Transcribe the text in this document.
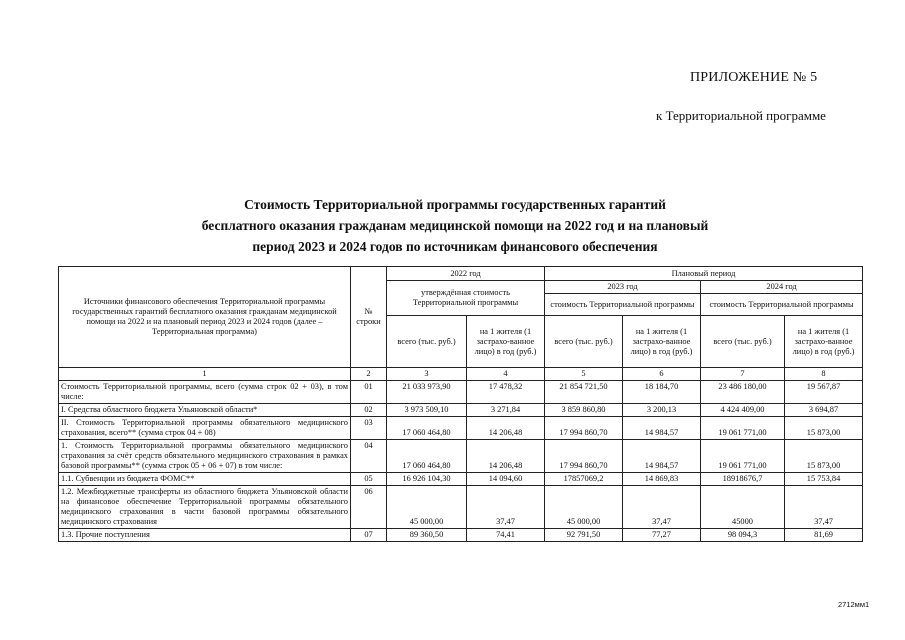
ПРИЛОЖЕНИЕ № 5
к Территориальной программе
Стоимость Территориальной программы государственных гарантий
бесплатного оказания гражданам медицинской помощи на 2022 год и на плановый
период 2023 и 2024 годов по источникам финансового обеспечения
Источники финансового обеспечения Территориальной программы государственных гарантий бесплатного оказания гражданам медицинской помощи на 2022 и на плановый период 2023 и 2024 годов (далее – Территориальная программа)	№ строки	2022 год		Плановый период			
		утверждённая стоимость Территориальной программы		2023 год		2024 год	
				стоимость Территориальной программы		стоимость Территориальной программы	
		всего (тыс. руб.)	на 1 жителя (1 застрахо-ванное лицо) в год (руб.)	всего (тыс. руб.)	на 1 жителя (1 застрахо-ванное лицо) в год (руб.)	всего (тыс. руб.)	на 1 жителя (1 застрахо-ванное лицо) в год (руб.)
1	2	3	4	5	6	7	8
Стоимость Территориальной программы, всего (сумма строк 02 + 03), в том числе:	01	21 033 973,90	17 478,32	21 854 721,50	18 184,70	23 486 180,00	19 567,87
I. Средства областного бюджета Ульяновской области*	02	3 973 509,10	3 271,84	3 859 860,80	3 200,13	4 424 409,00	3 694,87
II. Стоимость Территориальной программы обязательного медицинского страхования, всего** (сумма строк 04 + 08)	03	17 060 464,80	14 206,48	17 994 860,70	14 984,57	19 061 771,00	15 873,00
1. Стоимость Территориальной программы обязательного медицинского страхования за счёт средств обязательного медицинского страхования в рамках базовой программы** (сумма строк 05 + 06 + 07) в том числе:	04	17 060 464,80	14 206,48	17 994 860,70	14 984,57	19 061 771,00	15 873,00
1.1. Субвенции из бюджета ФОМС**	05	16 926 104,30	14 094,60	17857069,2	14 869,83	18918676,7	15 753,84
1.2. Межбюджетные трансферты из областного бюджета Ульяновской области на финансовое обеспечение Территориальной программы обязательного медицинского страхования в части базовой программы обязательного медицинского страхования	06	45 000,00	37,47	45 000,00	37,47	45000	37,47
1.3. Прочие поступления	07	89 360,50	74,41	92 791,50	77,27	98 094,3	81,69
2712мм1
